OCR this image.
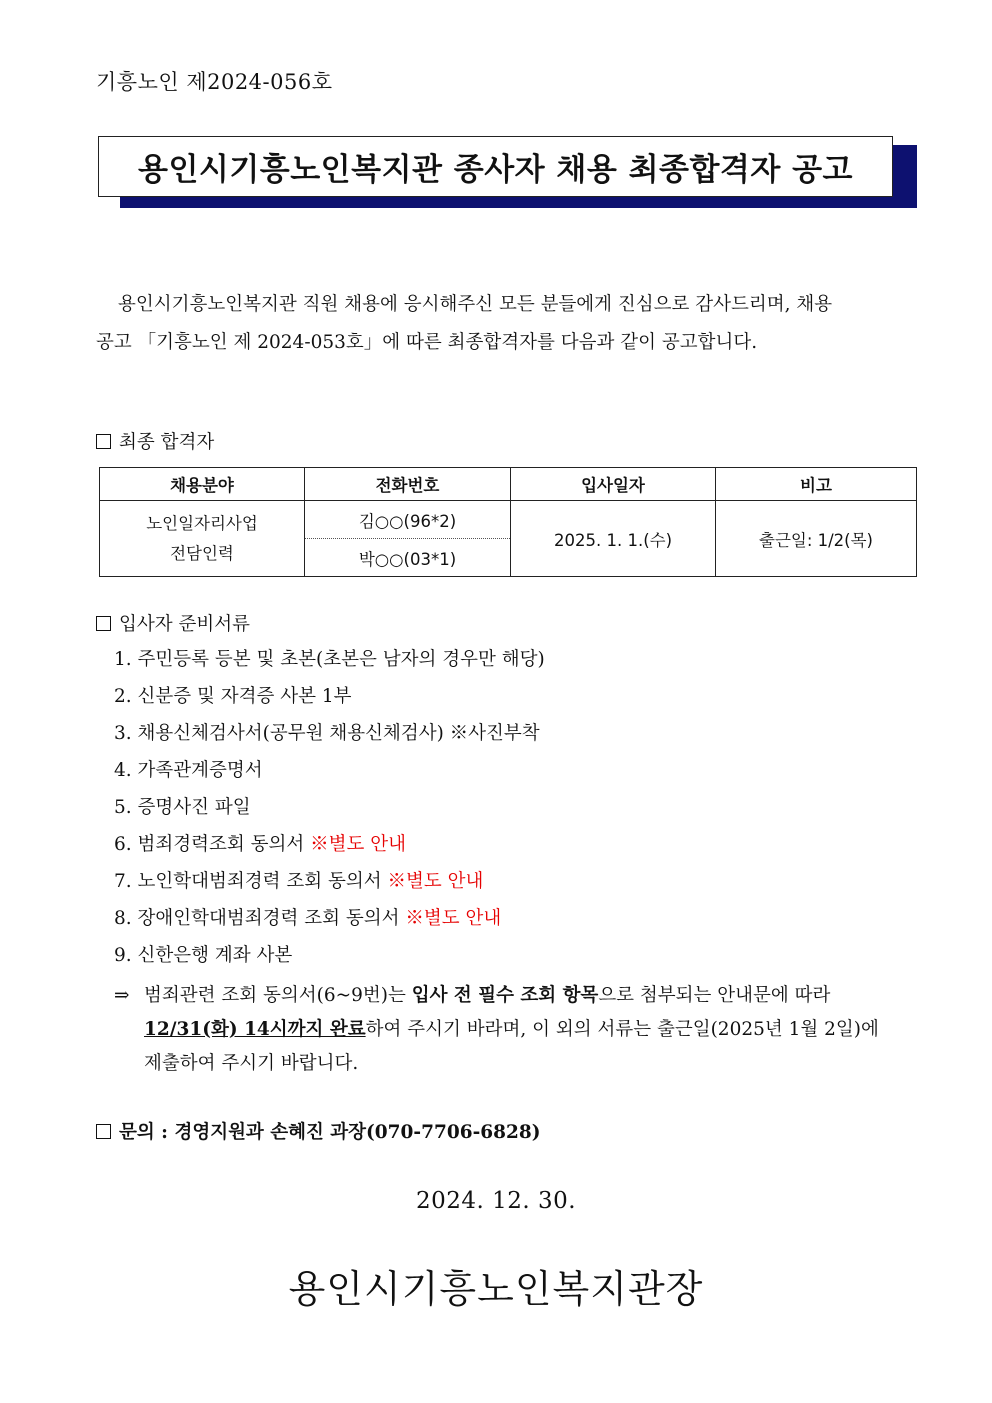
기흥노인 제2024-056호
용인시기흥노인복지관 종사자 채용 최종합격자 공고

용인시기흥노인복지관 직원 채용에 응시해주신 모든 분들에게 진심으로 감사드리며, 채용

공고 「기흥노인 제 2024-053호」에 따른 최종합격자를 다음과 같이 공고합니다.

최종 합격자
채용분야	전화번호	입사일자	비고

노인일자리사업
전담인력	김○○(96*2)	2025. 1. 1.(수)	출근일: 1/2(목)
	박○○(03*1)		
입사자 준비서류
1. 주민등록 등본 및 초본(초본은 남자의 경우만 해당)
2. 신분증 및 자격증 사본 1부
3. 채용신체검사서(공무원 채용신체검사) ※사진부착
4. 가족관계증명서
5. 증명사진 파일
6. 범죄경력조회 동의서 ※별도 안내
7. 노인학대범죄경력 조회 동의서 ※별도 안내
8. 장애인학대범죄경력 조회 동의서 ※별도 안내
9. 신한은행 계좌 사본
⇒ 범죄관련 조회 동의서(6~9번)는 입사 전 필수 조회 항목으로 첨부되는 안내문에 따라
12/31(화) 14시까지 완료하여 주시기 바라며, 이 외의 서류는 출근일(2025년 1월 2일)에
제출하여 주시기 바랍니다.
문의 : 경영지원과 손혜진 과장(070-7706-6828)
2024. 12. 30.
용인시기흥노인복지관장
